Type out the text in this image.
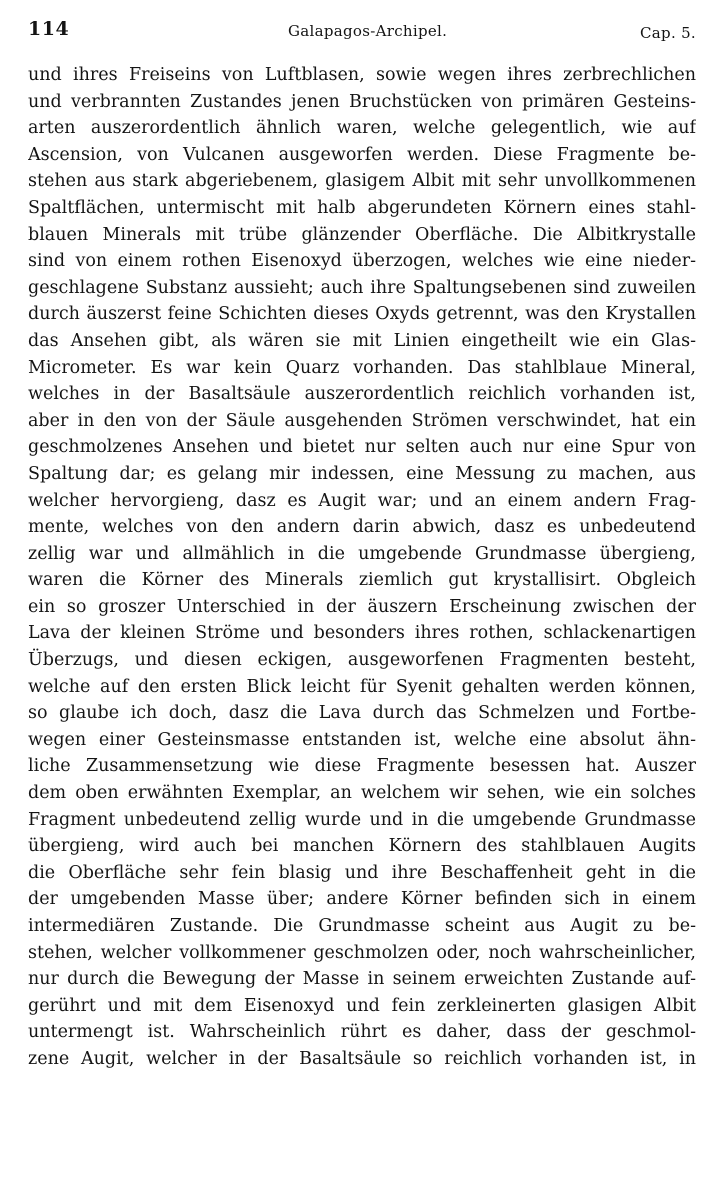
114	Galapagos-Archipel.	Cap. 5.
und ihres Freiseins von Luftblasen, sowie wegen ihres zerbrechlichen
und verbrannten Zustandes jenen Bruchstücken von primären Gesteins-
arten auszerordentlich ähnlich waren, welche gelegentlich, wie auf
Ascension, von Vulcanen ausgeworfen werden. Diese Fragmente be-
stehen aus stark abgeriebenem, glasigem Albit mit sehr unvollkommenen
Spaltflächen, untermischt mit halb abgerundeten Körnern eines stahl-
blauen Minerals mit trübe glänzender Oberfläche. Die Albitkrystalle
sind von einem rothen Eisenoxyd überzogen, welches wie eine nieder-
geschlagene Substanz aussieht; auch ihre Spaltungsebenen sind zuweilen
durch äuszerst feine Schichten dieses Oxyds getrennt, was den Krystallen
das Ansehen gibt, als wären sie mit Linien eingetheilt wie ein Glas-
Micrometer. Es war kein Quarz vorhanden. Das stahlblaue Mineral,
welches in der Basaltsäule auszerordentlich reichlich vorhanden ist,
aber in den von der Säule ausgehenden Strömen verschwindet, hat ein
geschmolzenes Ansehen und bietet nur selten auch nur eine Spur von
Spaltung dar; es gelang mir indessen, eine Messung zu machen, aus
welcher hervorgieng, dasz es Augit war; und an einem andern Frag-
mente, welches von den andern darin abwich, dasz es unbedeutend
zellig war und allmählich in die umgebende Grundmasse übergieng,
waren die Körner des Minerals ziemlich gut krystallisirt. Obgleich
ein so groszer Unterschied in der äuszern Erscheinung zwischen der
Lava der kleinen Ströme und besonders ihres rothen, schlackenartigen
Überzugs, und diesen eckigen, ausgeworfenen Fragmenten besteht,
welche auf den ersten Blick leicht für Syenit gehalten werden können,
so glaube ich doch, dasz die Lava durch das Schmelzen und Fortbe-
wegen einer Gesteinsmasse entstanden ist, welche eine absolut ähn-
liche Zusammensetzung wie diese Fragmente besessen hat. Auszer
dem oben erwähnten Exemplar, an welchem wir sehen, wie ein solches
Fragment unbedeutend zellig wurde und in die umgebende Grundmasse
übergieng, wird auch bei manchen Körnern des stahlblauen Augits
die Oberfläche sehr fein blasig und ihre Beschaffenheit geht in die
der umgebenden Masse über; andere Körner befinden sich in einem
intermediären Zustande. Die Grundmasse scheint aus Augit zu be-
stehen, welcher vollkommener geschmolzen oder, noch wahrscheinlicher,
nur durch die Bewegung der Masse in seinem erweichten Zustande auf-
gerührt und mit dem Eisenoxyd und fein zerkleinerten glasigen Albit
untermengt ist. Wahrscheinlich rührt es daher, dass der geschmol-
zene Augit, welcher in der Basaltsäule so reichlich vorhanden ist, in
